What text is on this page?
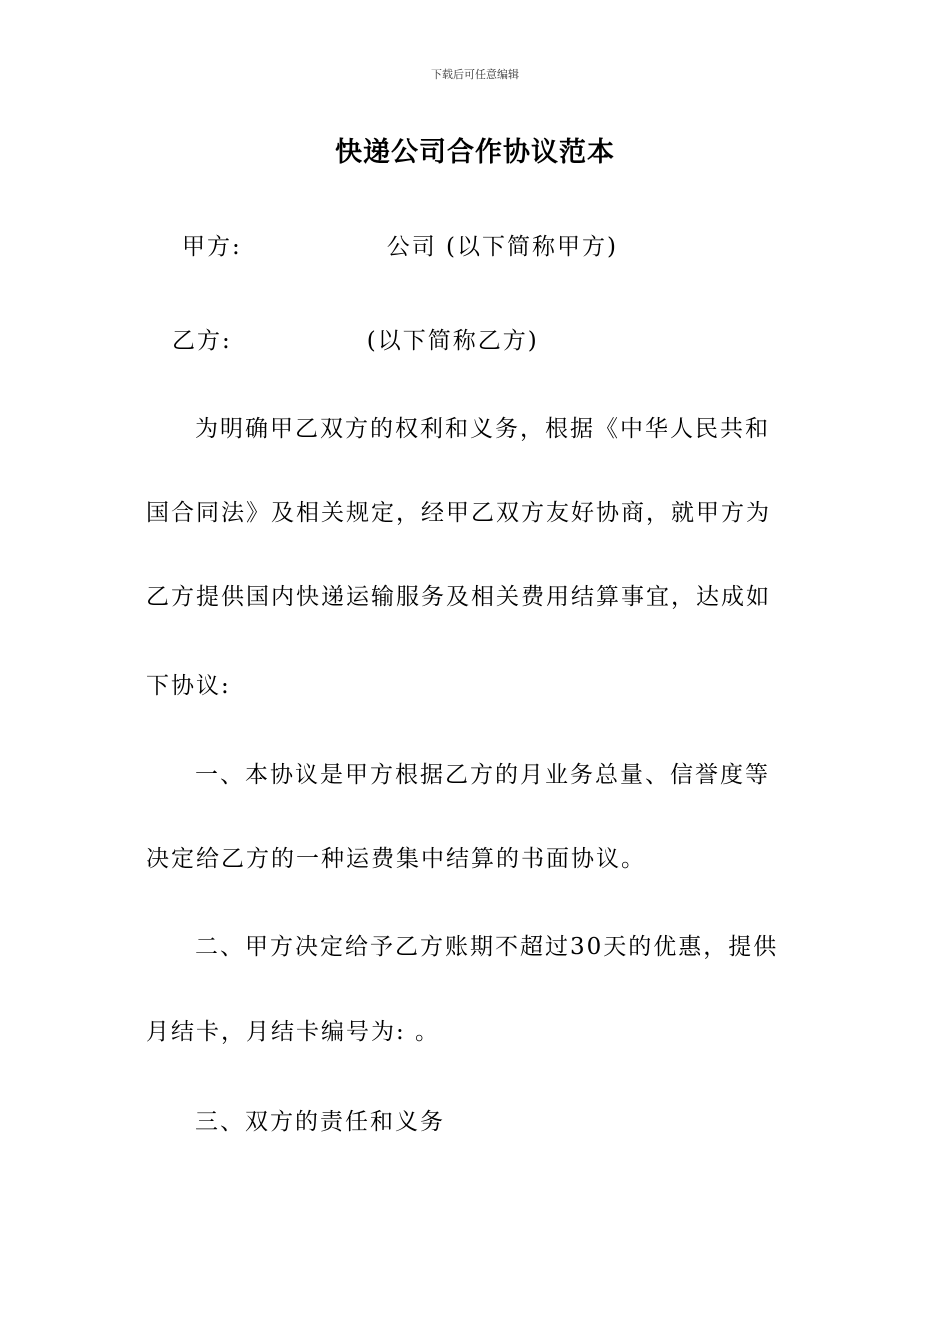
下载后可任意编辑
快递公司合作协议范本
甲方:	公司 (以下简称甲方)
乙方:	(以下简称乙方)
为明确甲乙双方的权利和义务，根据《中华人民共和
国合同法》及相关规定，经甲乙双方友好协商，就甲方为
乙方提供国内快递运输服务及相关费用结算事宜，达成如
下协议:
一、本协议是甲方根据乙方的月业务总量、信誉度等
决定给乙方的一种运费集中结算的书面协议。
二、甲方决定给予乙方账期不超过30天的优惠，提供
月结卡，月结卡编号为: 。
三、双方的责任和义务
